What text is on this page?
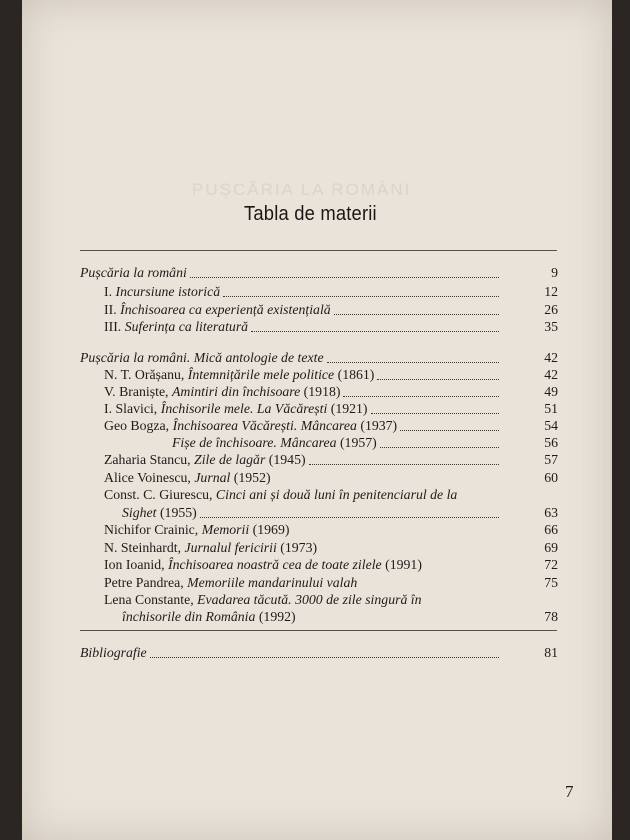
PUȘCĂRIA LA ROMÂNI
Tabla de materii
Pușcăria la români	9
I. Incursiune istorică	12
II. Închisoarea ca experiență existențială	26
III. Suferința ca literatură	35
Pușcăria la români. Mică antologie de texte	42
N. T. Orășanu, Întemnițările mele politice (1861)	42
V. Braniște, Amintiri din închisoare (1918)	49
I. Slavici, Închisorile mele. La Văcărești (1921)	51
Geo Bogza, Închisoarea Văcărești. Mâncarea (1937)	54
Fișe de închisoare. Mâncarea (1957)	56
Zaharia Stancu, Zile de lagăr (1945)	57
Alice Voinescu, Jurnal (1952)	60
Const. C. Giurescu, Cinci ani și două luni în penitenciarul de la
Sighet (1955)	63
Nichifor Crainic, Memorii (1969)	66
N. Steinhardt, Jurnalul fericirii (1973)	69
Ion Ioanid, Închisoarea noastră cea de toate zilele (1991)	72
Petre Pandrea, Memoriile mandarinului valah	75
Lena Constante, Evadarea tăcută. 3000 de zile singură în
închisorile din România (1992)	78
Bibliografie	81
7
